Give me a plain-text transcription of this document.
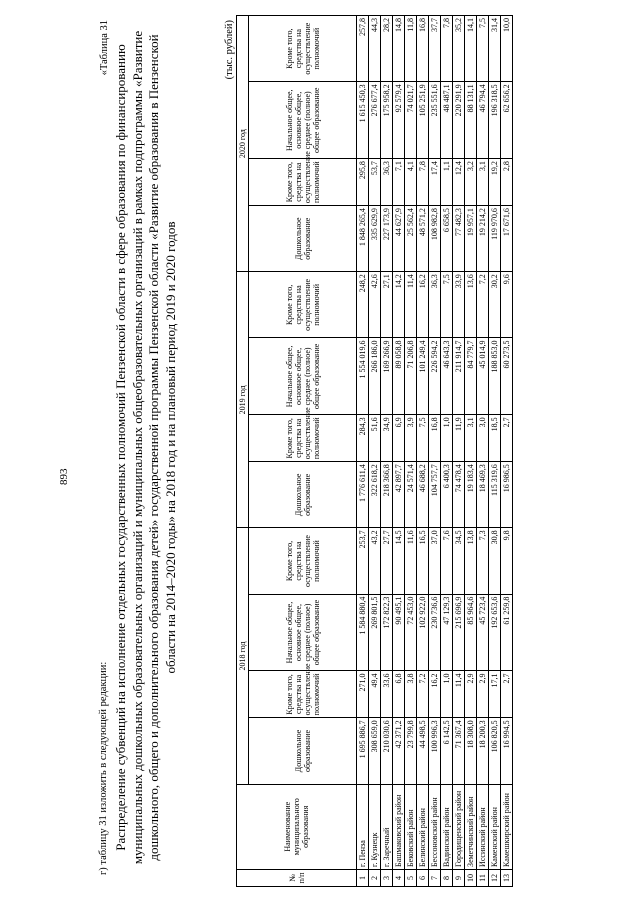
893
г) таблицу 31 изложить в следующей редакции:
«Таблица 31 Распределение субвенций на исполнение отдельных государственных полномочий Пензенской области в сфере образования по финансированию муниципальных дошкольных образовательных организаций и муниципальных общеобразовательных организаций в рамках подпрограммы «Развитие дошкольного, общего и дополнительного образования детей» государственной программы Пензенской области «Развитие образования в Пензенской области на 2014–2020 годы» на 2018 год и на плановый период 2019 и 2020 годов
(тыс. рублей)
№ п/п	Наименование муниципального образования	2018 год				2019 год				2020 год			
		Дошкольное образование	Кроме того, средства на осуществление полномочий	Начальное общее, основное общее, среднее (полное) общее образование	Кроме того, средства на осуществление полномочий	Дошкольное образование	Кроме того, средства на осуществление полномочий	Начальное общее, основное общее, среднее (полное) общее образование	Кроме того, средства на осуществление полномочий	Дошкольное образование	Кроме того, средства на осуществление полномочий	Начальное общее, основное общее, среднее (полное) общее образование	Кроме того, средства на осуществление полномочий
1	г. Пенза	1 695 886,7	271,0	1 584 880,4	253,7	1 776 611,4	284,3	1 554 019,6	248,2	1 848 265,4	295,8	1 615 450,3	257,8
2	г. Кузнецк	308 659,0	49,4	269 801,5	43,2	322 618,2	51,6	266 186,0	42,6	335 629,9	53,7	276 677,4	44,3
3	г. Заречный	210 030,6	33,6	172 822,3	27,7	218 366,8	34,9	169 266,9	27,1	227 173,9	36,3	175 958,2	28,2
4	Башмаковский район	42 371,2	6,8	90 495,1	14,5	42 897,7	6,9	89 058,8	14,2	44 627,9	7,1	92 579,4	14,8
5	Бековский район	23 799,8	3,8	72 453,0	11,6	24 571,4	3,9	71 206,8	11,4	25 562,4	4,1	74 021,7	11,8
6	Белинский район	44 498,5	7,2	102 922,0	16,5	46 688,2	7,5	101 249,4	16,2	48 571,2	7,8	105 251,9	16,8
7	Бессоновский район	100 996,3	16,2	230 736,6	37,0	104 757,7	16,8	226 594,2	36,3	108 982,8	17,4	235 551,6	37,7
8	Вадинский район	6 142,5	1,0	47 129,3	7,6	6 400,3	1,0	46 643,3	7,5	6 658,5	1,1	48 487,1	7,8
9	Городищенский район	71 367,4	11,4	215 696,9	34,5	74 478,4	11,9	211 914,7	33,9	77 482,3	12,4	220 291,9	35,2
10	Земетчинский район	18 308,0	2,9	85 964,6	13,8	19 183,4	3,1	84 779,7	13,6	19 957,1	3,2	88 131,1	14,1
11	Иссинский район	18 200,3	2,9	45 723,4	7,3	18 469,3	3,0	45 014,9	7,2	19 214,2	3,1	46 794,4	7,5
12	Каменский район	106 820,5	17,1	192 653,6	30,8	115 319,6	18,5	188 853,0	30,2	119 970,6	19,2	196 318,5	31,4
13	Камешкирский район	16 994,5	2,7	61 259,8	9,8	16 986,5	2,7	60 273,5	9,6	17 671,6	2,8	62 656,2	10,0
